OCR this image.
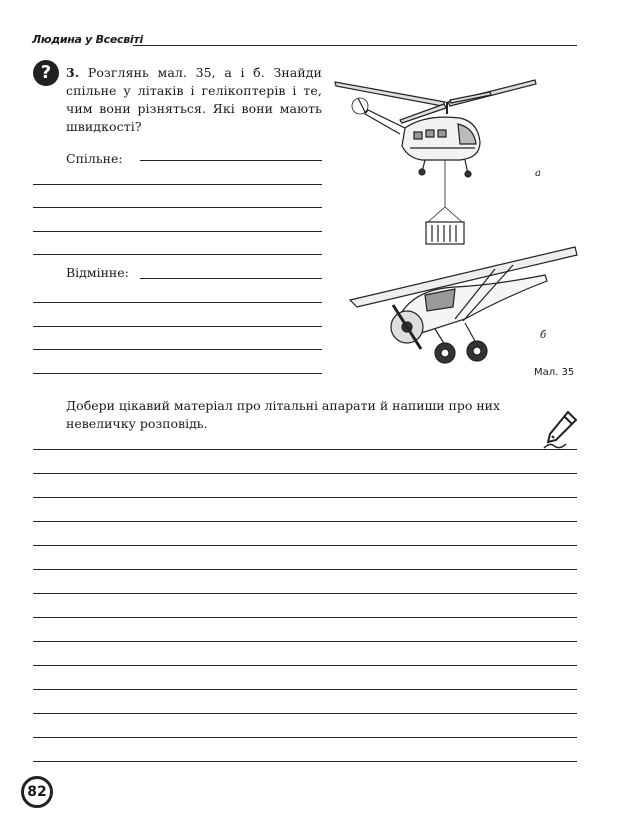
Людина у Всесвіті
?	3. Розглянь мал. 35, а і б. Знайди спільне у літаків і гелікоптерів і те, чим вони різняться. Які вони мають швидкості?
Спільне:
Відмінне:
а
б
Мал. 35
Добери цікавий матеріал про літальні апарати й напиши про них невеличку розповідь.
82
